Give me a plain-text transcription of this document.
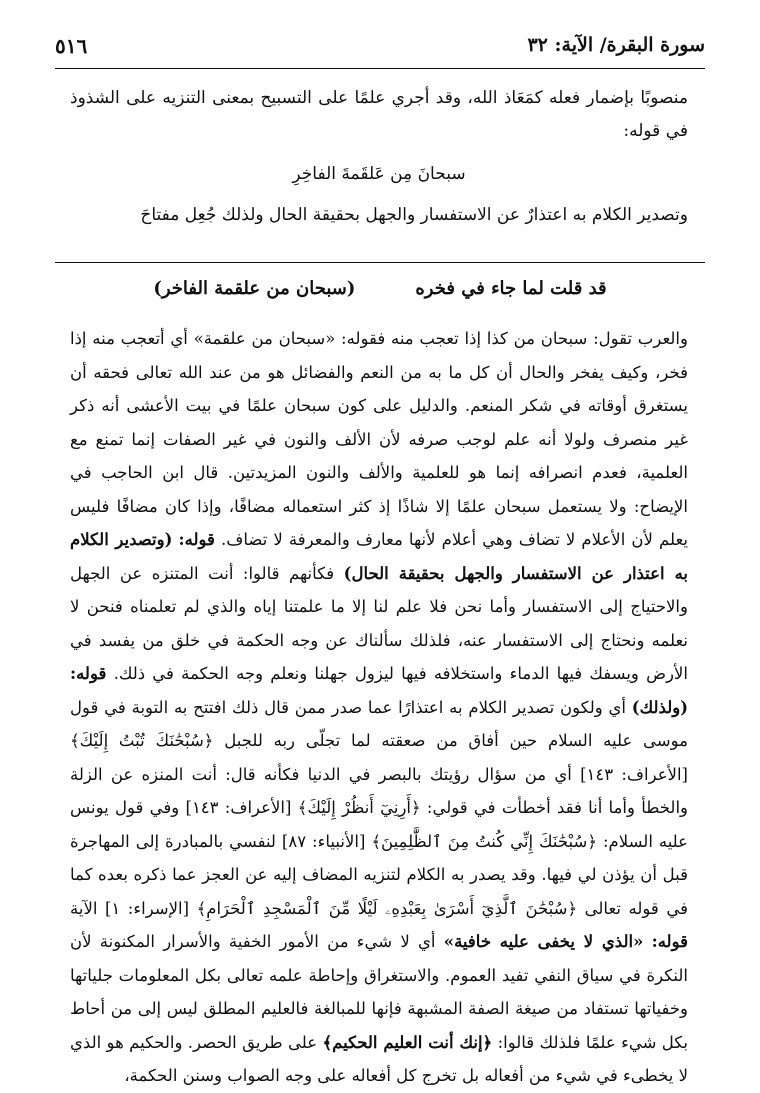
٥١٦	سورة البقرة/ الآية: ٣٢

منصوبًا بإضمار فعله كمَعَاذ الله، وقد أجري علمًا على التسبيح بمعنى التنزيه على الشذوذ في قوله:

سبحانَ مِن عَلقَمةَ الفاخِرِ

وتصدير الكلام به اعتذارٌ عن الاستفسار والجهل بحقيقة الحال ولذلك جُعِل مفتاحَ

قد قلت لما جاء في فخره(سبحان من علقمة الفاخر)

والعرب تقول: سبحان من كذا إذا تعجب منه فقوله: «سبحان من علقمة» أي أتعجب منه إذا فخر، وكيف يفخر والحال أن كل ما به من النعم والفضائل هو من عند الله تعالى فحقه أن يستغرق أوقاته في شكر المنعم. والدليل على كون سبحان علمًا في بيت الأعشى أنه ذكر غير منصرف ولولا أنه علم لوجب صرفه لأن الألف والنون في غير الصفات إنما تمنع مع العلمية، فعدم انصرافه إنما هو للعلمية والألف والنون المزيدتين. قال ابن الحاجب في الإيضاح: ولا يستعمل سبحان علمًا إلا شاذًا إذ كثر استعماله مضافًا، وإذا كان مضافًا فليس يعلم لأن الأعلام لا تضاف وهي أعلام لأنها معارف والمعرفة لا تضاف. قوله: (وتصدير الكلام به اعتذار عن الاستفسار والجهل بحقيقة الحال) فكأنهم قالوا: أنت المتنزه عن الجهل والاحتياج إلى الاستفسار وأما نحن فلا علم لنا إلا ما علمتنا إياه والذي لم تعلمناه فنحن لا نعلمه ونحتاج إلى الاستفسار عنه، فلذلك سألناك عن وجه الحكمة في خلق من يفسد في الأرض ويسفك فيها الدماء واستخلافه فيها ليزول جهلنا ونعلم وجه الحكمة في ذلك. قوله: (ولذلك) أي ولكون تصدير الكلام به اعتذارًا عما صدر ممن قال ذلك افتتح به التوبة في قول موسى عليه السلام حين أفاق من صعقته لما تجلّى ربه للجبل ﴿سُبْحَٰنَكَ تُبْتُ إِلَيْكَ﴾ [الأعراف: ١٤٣] أي من سؤال رؤيتك بالبصر في الدنيا فكأنه قال: أنت المنزه عن الزلة والخطأ وأما أنا فقد أخطأت في قولي: ﴿أَرِنِيٓ أَنظُرْ إِلَيْكَ﴾ [الأعراف: ١٤٣] وفي قول يونس عليه السلام: ﴿سُبْحَٰنَكَ إِنِّي كُنتُ مِنَ ٱلظَّٰلِمِينَ﴾ [الأنبياء: ٨٧] لنفسي بالمبادرة إلى المهاجرة قبل أن يؤذن لي فيها. وقد يصدر به الكلام لتنزيه المضاف إليه عن العجز عما ذكره بعده كما في قوله تعالى ﴿سُبْحَٰنَ ٱلَّذِيٓ أَسْرَىٰ بِعَبْدِهِۦ لَيْلًا مِّنَ ٱلْمَسْجِدِ ٱلْحَرَامِ﴾ [الإسراء: ١] الآية قوله: «الذي لا يخفى عليه خافية» أي لا شيء من الأمور الخفية والأسرار المكنونة لأن النكرة في سياق النفي تفيد العموم. والاستغراق وإحاطة علمه تعالى بكل المعلومات جلياتها وخفياتها تستفاد من صيغة الصفة المشبهة فإنها للمبالغة فالعليم المطلق ليس إلى من أحاط بكل شيء علمًا فلذلك قالوا: ﴿إنك أنت العليم الحكيم﴾ على طريق الحصر. والحكيم هو الذي لا يخطىء في شيء من أفعاله بل تخرج كل أفعاله على وجه الصواب وسنن الحكمة،
